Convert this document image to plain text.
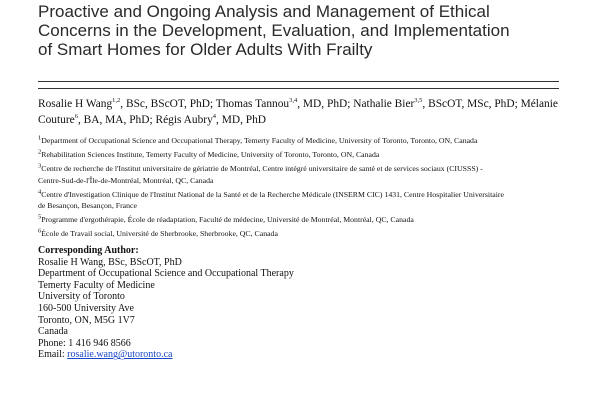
Proactive and Ongoing Analysis and Management of Ethical
Concerns in the Development, Evaluation, and Implementation
of Smart Homes for Older Adults With Frailty
Rosalie H Wang$^{1,2}$, BSc, BScOT, PhD; Thomas Tannou$^{3,4}$, MD, PhD; Nathalie Bier$^{3,5}$, BScOT, MSc, PhD; Mélanie
Couture$^6$, BA, MA, PhD; Régis Aubry$^4$, MD, PhD
$^1$Department of Occupational Science and Occupational Therapy, Temerty Faculty of Medicine, University of Toronto, Toronto, ON, Canada
$^2$Rehabilitation Sciences Institute, Temerty Faculty of Medicine, University of Toronto, Toronto, ON, Canada
$^3$Centre de recherche de l'Institut universitaire de gériatrie de Montréal, Centre intégré universitaire de santé et de services sociaux (CIUSSS) -
Centre-Sud-de-l'Île-de-Montréal, Montréal, QC, Canada
$^4$Centre d'Investigation Clinique de l'Institut National de la Santé et de la Recherche Médicale (INSERM CIC) 1431, Centre Hospitalier Universitaire
de Besançon, Besançon, France
$^5$Programme d'ergothérapie, École de réadaptation, Faculté de médecine, Université de Montréal, Montréal, QC, Canada
$^6$École de Travail social, Université de Sherbrooke, Sherbrooke, QC, Canada
Corresponding Author:
Rosalie H Wang, BSc, BScOT, PhD
Department of Occupational Science and Occupational Therapy
Temerty Faculty of Medicine
University of Toronto
160-500 University Ave
Toronto, ON, M5G 1V7
Canada
Phone: 1 416 946 8566
Email: rosalie.wang@utoronto.ca
